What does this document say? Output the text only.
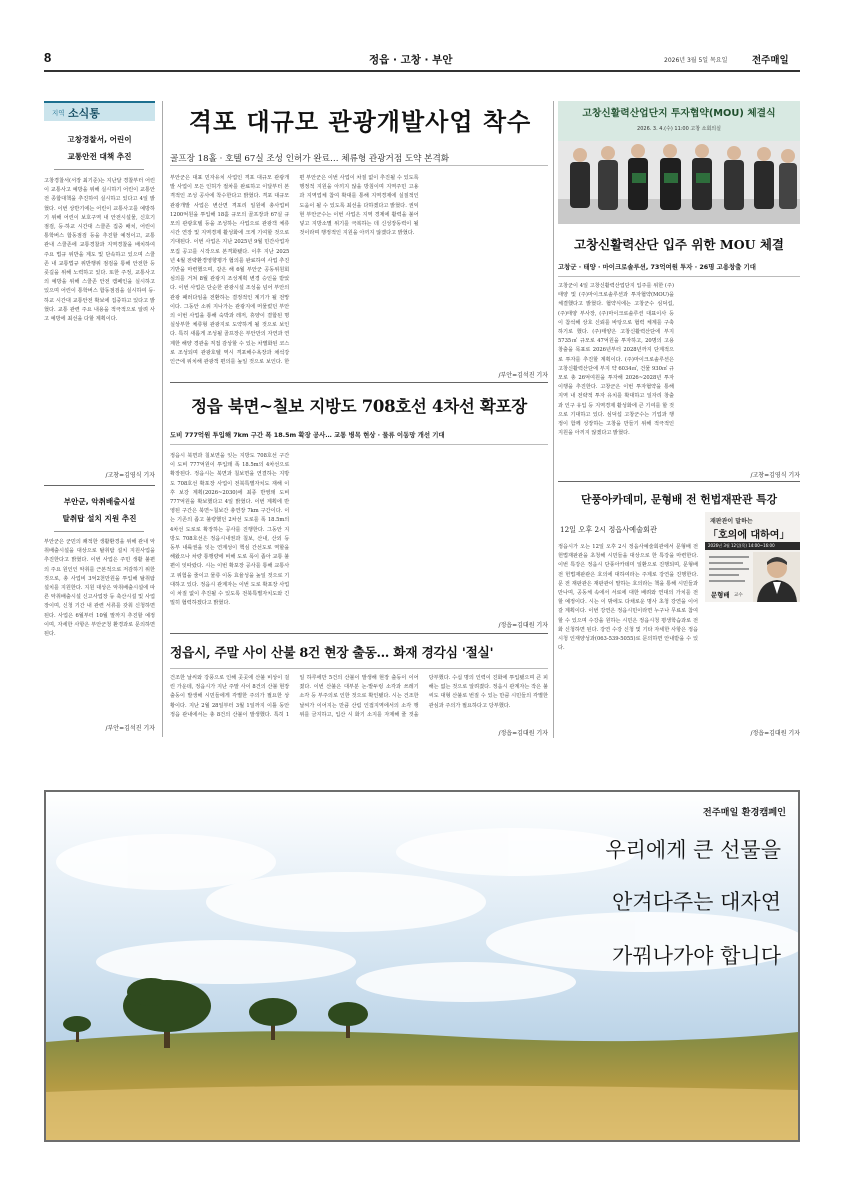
8	정읍 · 고창 · 부안	2026년 3월 5일 목요일	전주매일
지역 소식통
고창경찰서, 어린이
교통안전 대책 추진
고창경찰서(서장 최기준)는 지난달 경찰부터 어린이 교통사고 예방을 위해 실시하기 어린이 교통안전 종합대책을 추진하여 실시하고 있다고 4일 밝혔다. 이번 상반기에는 어린이 교통사고를 예방하기 위해 어린이 보호구역 내 안전시설물, 신호기 점검, 등·하교 시간대 스쿨존 집중 배치, 어린이 통학버스 합동점검 등을 추진할 예정이고, 교통 관내 스쿨존에 교통경찰과 지역경찰을 배치하여 주요 법규 위반을 계도 및 단속하고 있으며 스쿨존 내 교통법규 위반행위 점검을 통해 안전한 등굣길을 위해 노력하고 있다. 또한 주정, 교통사고의 예방을 위해 스쿨존 안전 캠페인을 실시하고 있으며 어린이 통학버스 합동점검을 실시하여 등·하교 시간대 교통안전 확보에 집중하고 있다고 밝혔다. 교통 관련 주요 내용을 적극적으로 알려 사고 예방에 최선을 다할 계획이다.
/고창=김영식 기자
부안군, 악취배출시설
탈취탑 설치 지원 추진
부안군은 군민의 쾌적한 생활환경을 위해 관내 악취배출시설을 대상으로 탈취탑 설치 지원사업을 추진한다고 밝혔다. 이번 사업은 주민 생활 불편의 주요 원인인 악취를 근본적으로 저감하기 위한 것으로, 총 사업비 3억2천만원을 투입해 탈취탑 설치를 지원한다. 지원 대상은 악취배출시설에 따른 악취배출시설 신고사업장 등 축산시설 및 사업장이며, 신청 기간 내 관련 서류를 갖춰 신청하면 된다. 사업은 6월부터 10월 말까지 추진할 예정이며, 자세한 사항은 부안군청 환경과로 문의하면 된다.
/부안=김석진 기자
격포 대규모 관광개발사업 착수
골프장 18홀 · 호텔 67실 조성 인허가 완료… 체류형 관광거점 도약 본격화
부안군은 대표 민자유치 사업인 격포 대규모 관광개발 사업이 모든 인허가 절차를 완료하고 이달부터 본격적인 조성 공사에 착수한다고 밝혔다. 격포 대규모 관광개발 사업은 변산면 격포리 일원에 총사업비 1200억원을 투입해 18홀 규모의 골프장과 67실 규모의 관광호텔 등을 조성하는 사업으로 관광객 체류 시간 연장 및 지역경제 활성화에 크게 기여할 것으로 기대된다. 이번 사업은 지난 2025년 9월 민간사업자 모집 공고를 시작으로 본격화됐다. 이후 지난 2025년 4월 전략환경영향평가 협의를 완료하여 사업 추진 기반을 마련했으며, 같은 해 6월 부안군 공동위원회 심의를 거쳐 8월 관광지 조성계획 변경 승인을 받았다. 이번 사업은 단순한 관광시설 조성을 넘어 부안의 관광 패러다임을 전환하는 결정적인 계기가 될 전망이다. 그동안 소위 지나가는 관광지에 머물렀던 부안의 이번 사업을 통해 숙박과 레저, 휴양이 결합된 명실상부한 체류형 관광지로 도약하게 될 것으로 보인다. 특히 새롭게 조성될 골프장은 부안만의 자연과 연계한 해양 경관을 직접 감상할 수 있는 차별화된 코스로 조성되며 관광호텔 역시 격포해수욕장과 채석강 인근에 위치해 관광객 편의를 높일 것으로 보인다. 한편 부안군은 이번 사업이 차질 없이 추진될 수 있도록 행정적 지원을 아끼지 않을 방침이며 지역주민 고용과 지역업체 참여 확대를 통해 지역경제에 실질적인 도움이 될 수 있도록 최선을 다하겠다고 밝혔다. 권익현 부안군수는 이번 사업은 지역 경제에 활력을 불어넣고 지방소멸 위기를 극복하는 데 신성장동력이 될 것이라며 행정적인 지원을 아끼지 않겠다고 밝혔다.
/부안=김석진 기자
고창신활력산업단지 투자협약(MOU) 체결식
2026. 3. 4.(수) 11:00 고창 소회의실
고창신활력산단 입주 위한 MOU 체결
고창군 · 태양 · 마이크로솔루션, 73억여원 투자 · 26명 고용창출 기대
고창군이 4일 고창신활력산업단지 입주를 위한 (주)태양 및 (주)마이크로솔루션과 투자협약(MOU)을 체결했다고 밝혔다. 협약식에는 고창군수 심덕섭, (주)태양 부사장, (주)마이크로솔루션 대표이사 등이 참석해 상호 신뢰를 바탕으로 협력 체계를 구축하기로 했다. (주)태양은 고창신활력산단에 부지 5735㎡ 규모로 47억원을 투자하고, 20명의 고용 창출을 목표로 2026년부터 2028년까지 단계적으로 투자를 추진할 계획이다. (주)마이크로솔루션은 고창신활력산단에 부지 약 6034㎡, 건물 930㎡ 규모로 총 26억여원을 투자해 2026~2028년 투자 이행을 추진한다. 고창군은 이번 투자협약을 통해 지역 내 전략적 투자 유치를 확대하고 일자리 창출과 인구 유입 등 지역경제 활성화에 큰 기여를 할 것으로 기대하고 있다. 심덕섭 고창군수는 기업과 행정이 함께 성장하는 고창을 만들기 위해 적극적인 지원을 아끼지 않겠다고 밝혔다.
/고창=김영식 기자
단풍아카데미, 문형배 전 헌법재판관 특강
12일 오후 2시 정읍사예술회관
재판관이 말하는
「호의에 대하여」
2026년 3월 12일(목) 14:00~16:00
문형배 교수
정읍시가 오는 12일 오후 2시 정읍사예술회관에서 문형배 전 헌법재판관을 초청해 시민들을 대상으로 한 특강을 마련한다. 이번 특강은 정읍시 단풍아카데미 일환으로 진행되며, 문형배 전 헌법재판관은 호의에 대하여라는 주제로 강연을 진행한다. 문 전 재판관은 재판관이 말하는 호의라는 책을 통해 시민들과 만나며, 공동체 속에서 서로에 대한 배려와 연대의 가치를 전할 예정이다. 시는 이 밖에도 다채로운 명사 초청 강연을 이어갈 계획이다. 이번 강연은 정읍시민이라면 누구나 무료로 참여할 수 있으며 수강을 원하는 시민은 정읍시청 평생학습과로 전화 신청하면 된다. 강연 수강 신청 및 기타 자세한 사항은 정읍시청 인재양성과(063-539-5055)로 문의하면 안내받을 수 있다.
/정읍=김대원 기자
정읍 북면~칠보 지방도 708호선 4차선 확포장
도비 777억원 투입해 7km 구간 폭 18.5m 확장 공사… 교통 병목 현상 · 물류 이동망 개선 기대
정읍시 북면과 칠보면을 잇는 지방도 708호선 구간이 도비 777억원이 투입돼 폭 18.5m의 4차선으로 확장된다. 정읍시는 북면과 칠보면을 연결하는 지방도 708호선 확포장 사업이 전북특별자치도 재해 이후 보강 계획(2026~2030)에 최종 반영돼 도비 777억원을 확보했다고 4일 밝혔다. 이번 계획에 반영된 구간은 북면~칠보간 총연장 7km 구간이다. 이는 기존의 좁고 불량했던 2차선 도로를 폭 18.5m의 4차선 도로로 확장하는 공사를 진행한다. 그동안 지방도 708호선은 정읍시내권과 칠보, 산내, 산외 등 동부 내륙권을 잇는 연계성이 핵심 간선도로 역할을 해왔으나 차량 통행량에 비해 도로 폭이 좁아 교통 불편이 잇따랐다. 시는 이번 확포장 공사를 통해 교통사고 위험을 줄이고 물류 이동 효율성을 높일 것으로 기대하고 있다. 정읍시 관계자는 이번 도로 확포장 사업이 차질 없이 추진될 수 있도록 전북특별자치도와 긴밀히 협력하겠다고 밝혔다.
/정읍=김대원 기자
정읍시, 주말 사이 산불 8건 현장 출동… 화재 경각심 '절실'
건조한 날씨와 강풍으로 인해 곳곳에 산불 비상이 걸린 가운데, 정읍시가 지난 주말 사이 8건의 산불 현장 출동이 발생해 시민들에게 각별한 주의가 필요한 상황이다. 지난 2월 28일부터 3월 1일까지 이틀 동안 정읍 관내에서는 총 8건의 산불이 발생했다. 특히 1일 하루에만 5건의 산불이 발생해 현장 출동이 이어졌다. 이번 산불은 대부분 논·밭두렁 소각과 쓰레기 소각 등 부주의로 인한 것으로 확인됐다. 시는 건조한 날씨가 이어지는 만큼 산림 인접지역에서의 소각 행위를 금지하고, 입산 시 화기 소지를 자제해 줄 것을 당부했다. 수십 명의 인력이 진화에 투입됐으며 큰 피해는 없는 것으로 알려졌다. 정읍시 관계자는 작은 불씨도 대형 산불로 번질 수 있는 만큼 시민들의 각별한 관심과 주의가 필요하다고 당부했다.
/정읍=김대원 기자
전주매일 환경캠페인
우리에게 큰 선물을
안겨다주는 대자연
가꿔나가야 합니다
